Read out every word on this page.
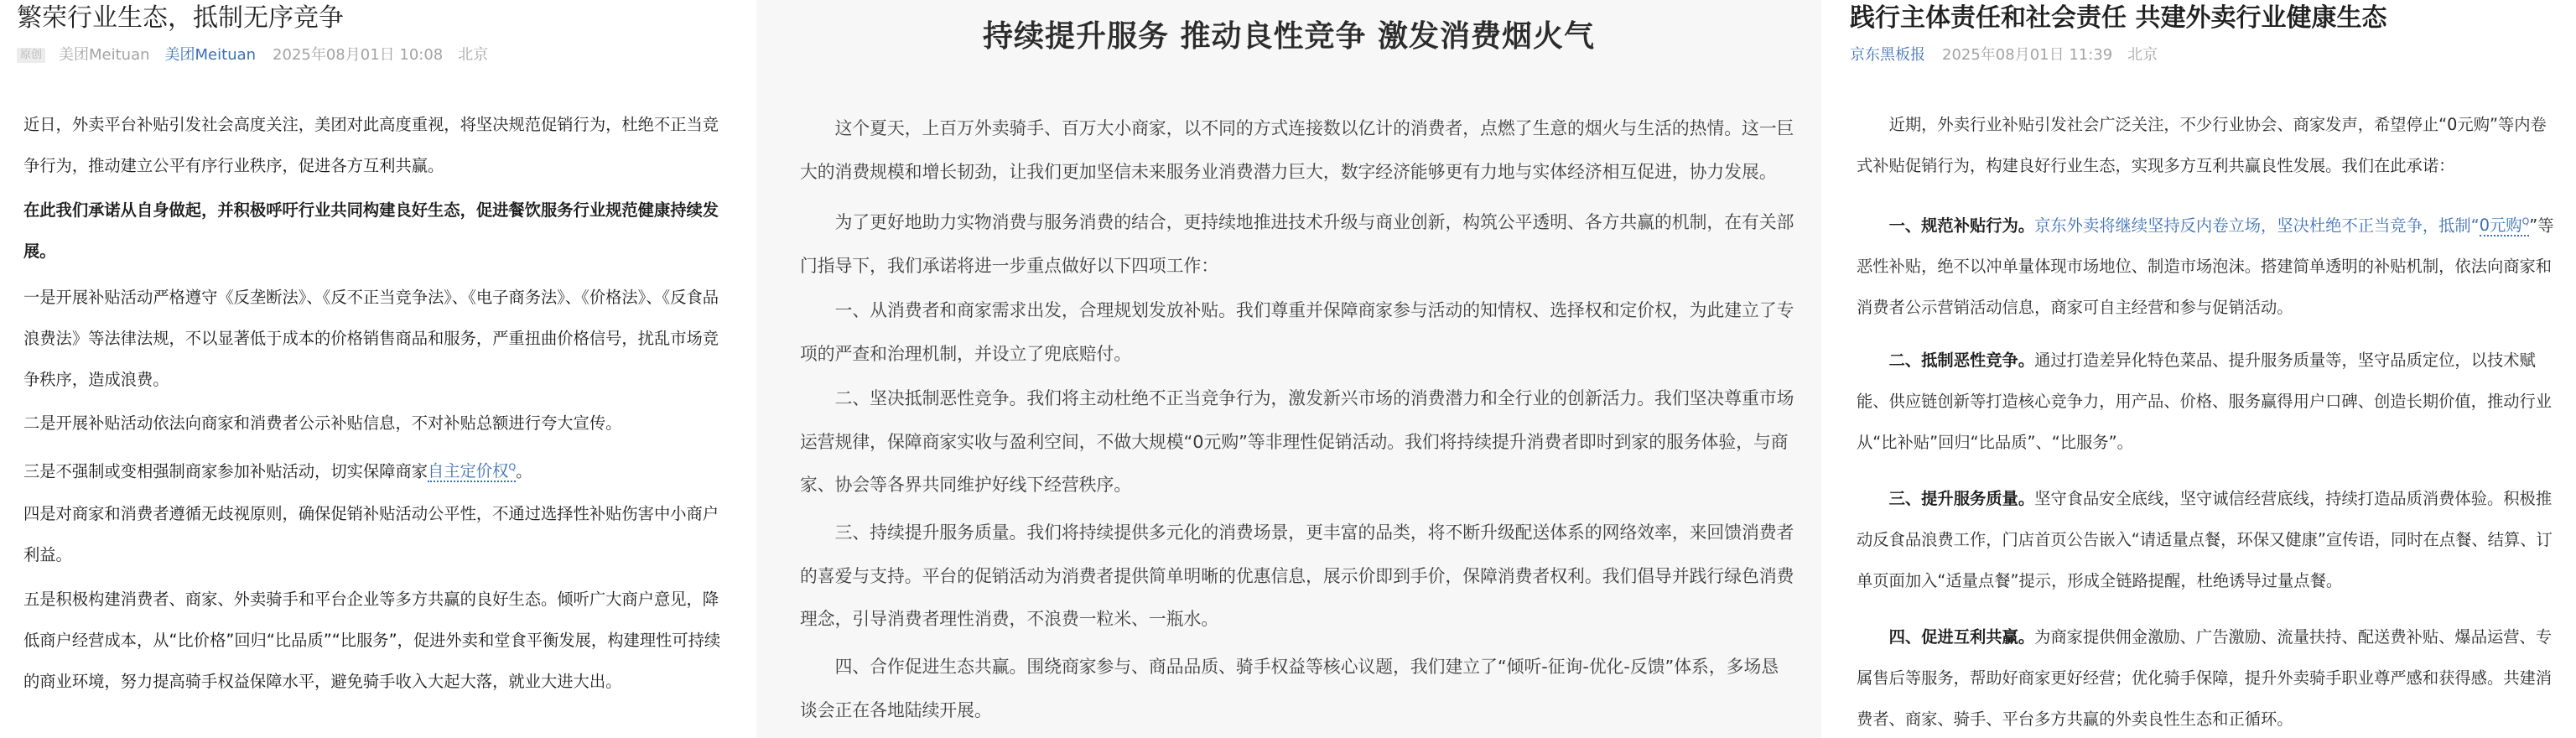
繁荣行业生态，抵制无序竞争
原创 美团Meituan 美团Meituan 2025年08月01日 10:08 北京

近日，外卖平台补贴引发社会高度关注，美团对此高度重视，将坚决规范促销行为，杜绝不正当竞争行为，推动建立公平有序行业秩序，促进各方互利共赢。

在此我们承诺从自身做起，并积极呼吁行业共同构建良好生态，促进餐饮服务行业规范健康持续发展。

一是开展补贴活动严格遵守《反垄断法》、《反不正当竞争法》、《电子商务法》、《价格法》、《反食品浪费法》等法律法规，不以显著低于成本的价格销售商品和服务，严重扭曲价格信号，扰乱市场竞争秩序，造成浪费。

二是开展补贴活动依法向商家和消费者公示补贴信息，不对补贴总额进行夸大宣传。

三是不强制或变相强制商家参加补贴活动，切实保障商家自主定价权$^Q$。

四是对商家和消费者遵循无歧视原则，确保促销补贴活动公平性，不通过选择性补贴伤害中小商户利益。

五是积极构建消费者、商家、外卖骑手和平台企业等多方共赢的良好生态。倾听广大商户意见，降低商户经营成本，从“比价格”回归“比品质”“比服务”，促进外卖和堂食平衡发展，构建理性可持续的商业环境，努力提高骑手权益保障水平，避免骑手收入大起大落，就业大进大出。

持续提升服务 推动良性竞争 激发消费烟火气

这个夏天，上百万外卖骑手、百万大小商家，以不同的方式连接数以亿计的消费者，点燃了生意的烟火与生活的热情。这一巨大的消费规模和增长韧劲，让我们更加坚信未来服务业消费潜力巨大，数字经济能够更有力地与实体经济相互促进，协力发展。

为了更好地助力实物消费与服务消费的结合，更持续地推进技术升级与商业创新，构筑公平透明、各方共赢的机制，在有关部门指导下，我们承诺将进一步重点做好以下四项工作：

一、从消费者和商家需求出发，合理规划发放补贴。我们尊重并保障商家参与活动的知情权、选择权和定价权，为此建立了专项的严查和治理机制，并设立了兜底赔付。

二、坚决抵制恶性竞争。我们将主动杜绝不正当竞争行为，激发新兴市场的消费潜力和全行业的创新活力。我们坚决尊重市场运营规律，保障商家实收与盈利空间，不做大规模“0元购”等非理性促销活动。我们将持续提升消费者即时到家的服务体验，与商家、协会等各界共同维护好线下经营秩序。

三、持续提升服务质量。我们将持续提供多元化的消费场景，更丰富的品类，将不断升级配送体系的网络效率，来回馈消费者的喜爱与支持。平台的促销活动为消费者提供简单明晰的优惠信息，展示价即到手价，保障消费者权利。我们倡导并践行绿色消费理念，引导消费者理性消费，不浪费一粒米、一瓶水。

四、合作促进生态共赢。围绕商家参与、商品品质、骑手权益等核心议题，我们建立了“倾听-征询-优化-反馈”体系，多场恳谈会正在各地陆续开展。

践行主体责任和社会责任 共建外卖行业健康生态
京东黑板报 2025年08月01日 11:39 北京

近期，外卖行业补贴引发社会广泛关注，不少行业协会、商家发声，希望停止“0元购”等内卷式补贴促销行为，构建良好行业生态，实现多方互利共赢良性发展。我们在此承诺：

一、规范补贴行为。京东外卖将继续坚持反内卷立场，坚决杜绝不正当竞争，抵制“0元购$^Q$”等恶性补贴，绝不以冲单量体现市场地位、制造市场泡沫。搭建简单透明的补贴机制，依法向商家和消费者公示营销活动信息，商家可自主经营和参与促销活动。

二、抵制恶性竞争。通过打造差异化特色菜品、提升服务质量等，坚守品质定位，以技术赋能、供应链创新等打造核心竞争力，用产品、价格、服务赢得用户口碑、创造长期价值，推动行业从“比补贴”回归“比品质”、“比服务”。

三、提升服务质量。坚守食品安全底线，坚守诚信经营底线，持续打造品质消费体验。积极推动反食品浪费工作，门店首页公告嵌入“请适量点餐，环保又健康”宣传语，同时在点餐、结算、订单页面加入“适量点餐”提示，形成全链路提醒，杜绝诱导过量点餐。

四、促进互利共赢。为商家提供佣金激励、广告激励、流量扶持、配送费补贴、爆品运营、专属售后等服务，帮助好商家更好经营；优化骑手保障，提升外卖骑手职业尊严感和获得感。共建消费者、商家、骑手、平台多方共赢的外卖良性生态和正循环。
